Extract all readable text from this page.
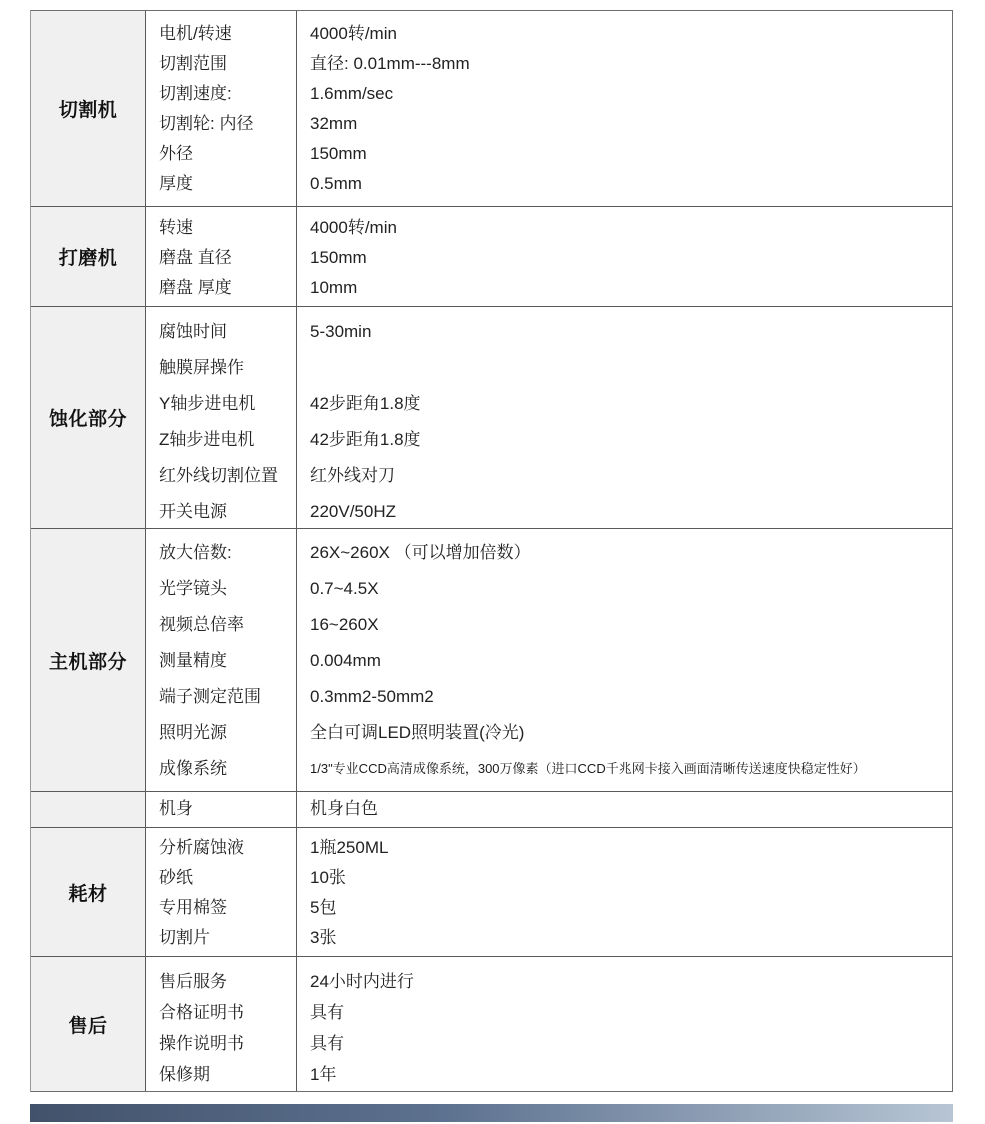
切割机
电机/转速
切割范围
切割速度:
切割轮: 内径
外径
厚度
4000转/min
直径: 0.01mm---8mm
1.6mm/sec
32mm
150mm
0.5mm
打磨机
转速
磨盘 直径
磨盘 厚度
4000转/min
150mm
10mm
蚀化部分
腐蚀时间
触膜屏操作
Y轴步进电机
Z轴步进电机
红外线切割位置
开关电源
5-30min

42步距角1.8度
42步距角1.8度
红外线对刀
220V/50HZ
主机部分
放大倍数:
光学镜头
视频总倍率
测量精度
端子测定范围
照明光源
成像系统
26X~260X （可以增加倍数）
0.7~4.5X
16~260X
0.004mm
0.3mm2-50mm2
全白可调LED照明装置(冷光)
1/3"专业CCD高清成像系统，300万像素（进口CCD千兆网卡接入画面清晰传送速度快稳定性好）
机身	机身白色
耗材
分析腐蚀液
砂纸
专用棉签
切割片
1瓶250ML
10张
5包
3张
售后
售后服务
合格证明书
操作说明书
保修期
24小时内进行
具有
具有
1年
